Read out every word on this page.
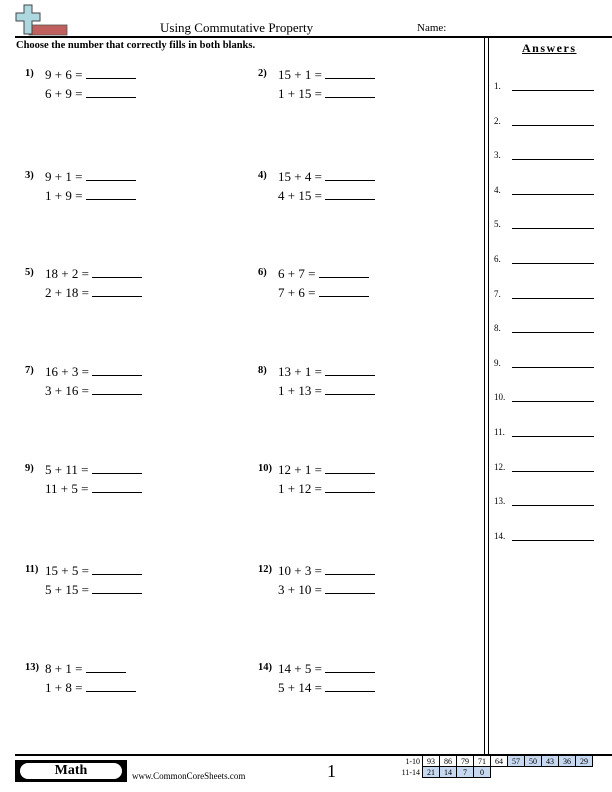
Using Commutative Property	Name:
Choose the number that correctly fills in both blanks.
1) 9 + 6 =
6 + 9 =
2) 15 + 1 =
1 + 15 =
3) 9 + 1 =
1 + 9 =
4) 15 + 4 =
4 + 15 =
5) 18 + 2 =
2 + 18 =
6) 6 + 7 =
7 + 6 =
7) 16 + 3 =
3 + 16 =
8) 13 + 1 =
1 + 13 =
9) 5 + 11 =
11 + 5 =
10) 12 + 1 =
1 + 12 =
11) 15 + 5 =
5 + 15 =
12) 10 + 3 =
3 + 10 =
13) 8 + 1 =
1 + 8 =
14) 14 + 5 =
5 + 14 =
Answers
1.
2.
3.
4.
5.
6.
7.
8.
9.
10.
11.
12.
13.
14.
Math	www.CommonCoreSheets.com	1	1-10	93	86	79	71	64	57	50	43	36	29
11-14	21	14	7	0						
